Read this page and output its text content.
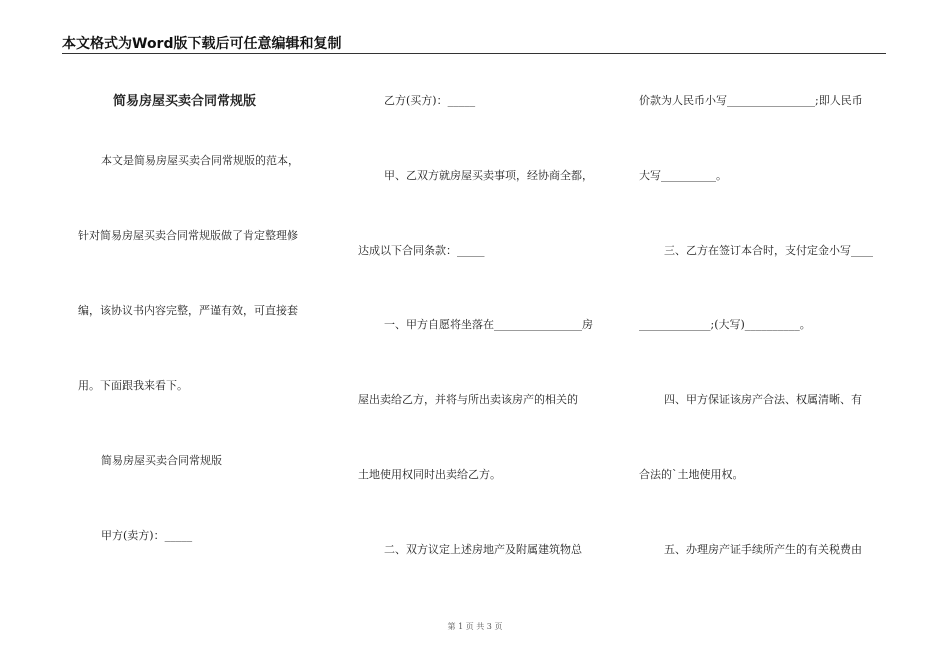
本文格式为Word版下载后可任意编辑和复制
简易房屋买卖合同常规版
本文是简易房屋买卖合同常规版的范本，
针对简易房屋买卖合同常规版做了肯定整理修
编，该协议书内容完整，严谨有效，可直接套
用。下面跟我来看下。
简易房屋买卖合同常规版
甲方(卖方)：_____
乙方(买方)：_____
甲、乙双方就房屋买卖事项，经协商全都，
达成以下合同条款：_____
一、甲方自愿将坐落在________________房
屋出卖给乙方，并将与所出卖该房产的相关的
土地使用权同时出卖给乙方。
二、双方议定上述房地产及附属建筑物总
价款为人民币小写________________;即人民币
大写__________。
三、乙方在签订本合时，支付定金小写____
_____________;(大写)__________。
四、甲方保证该房产合法、权属清晰、有
合法的`土地使用权。
五、办理房产证手续所产生的有关税费由
第 1 页 共 3 页
